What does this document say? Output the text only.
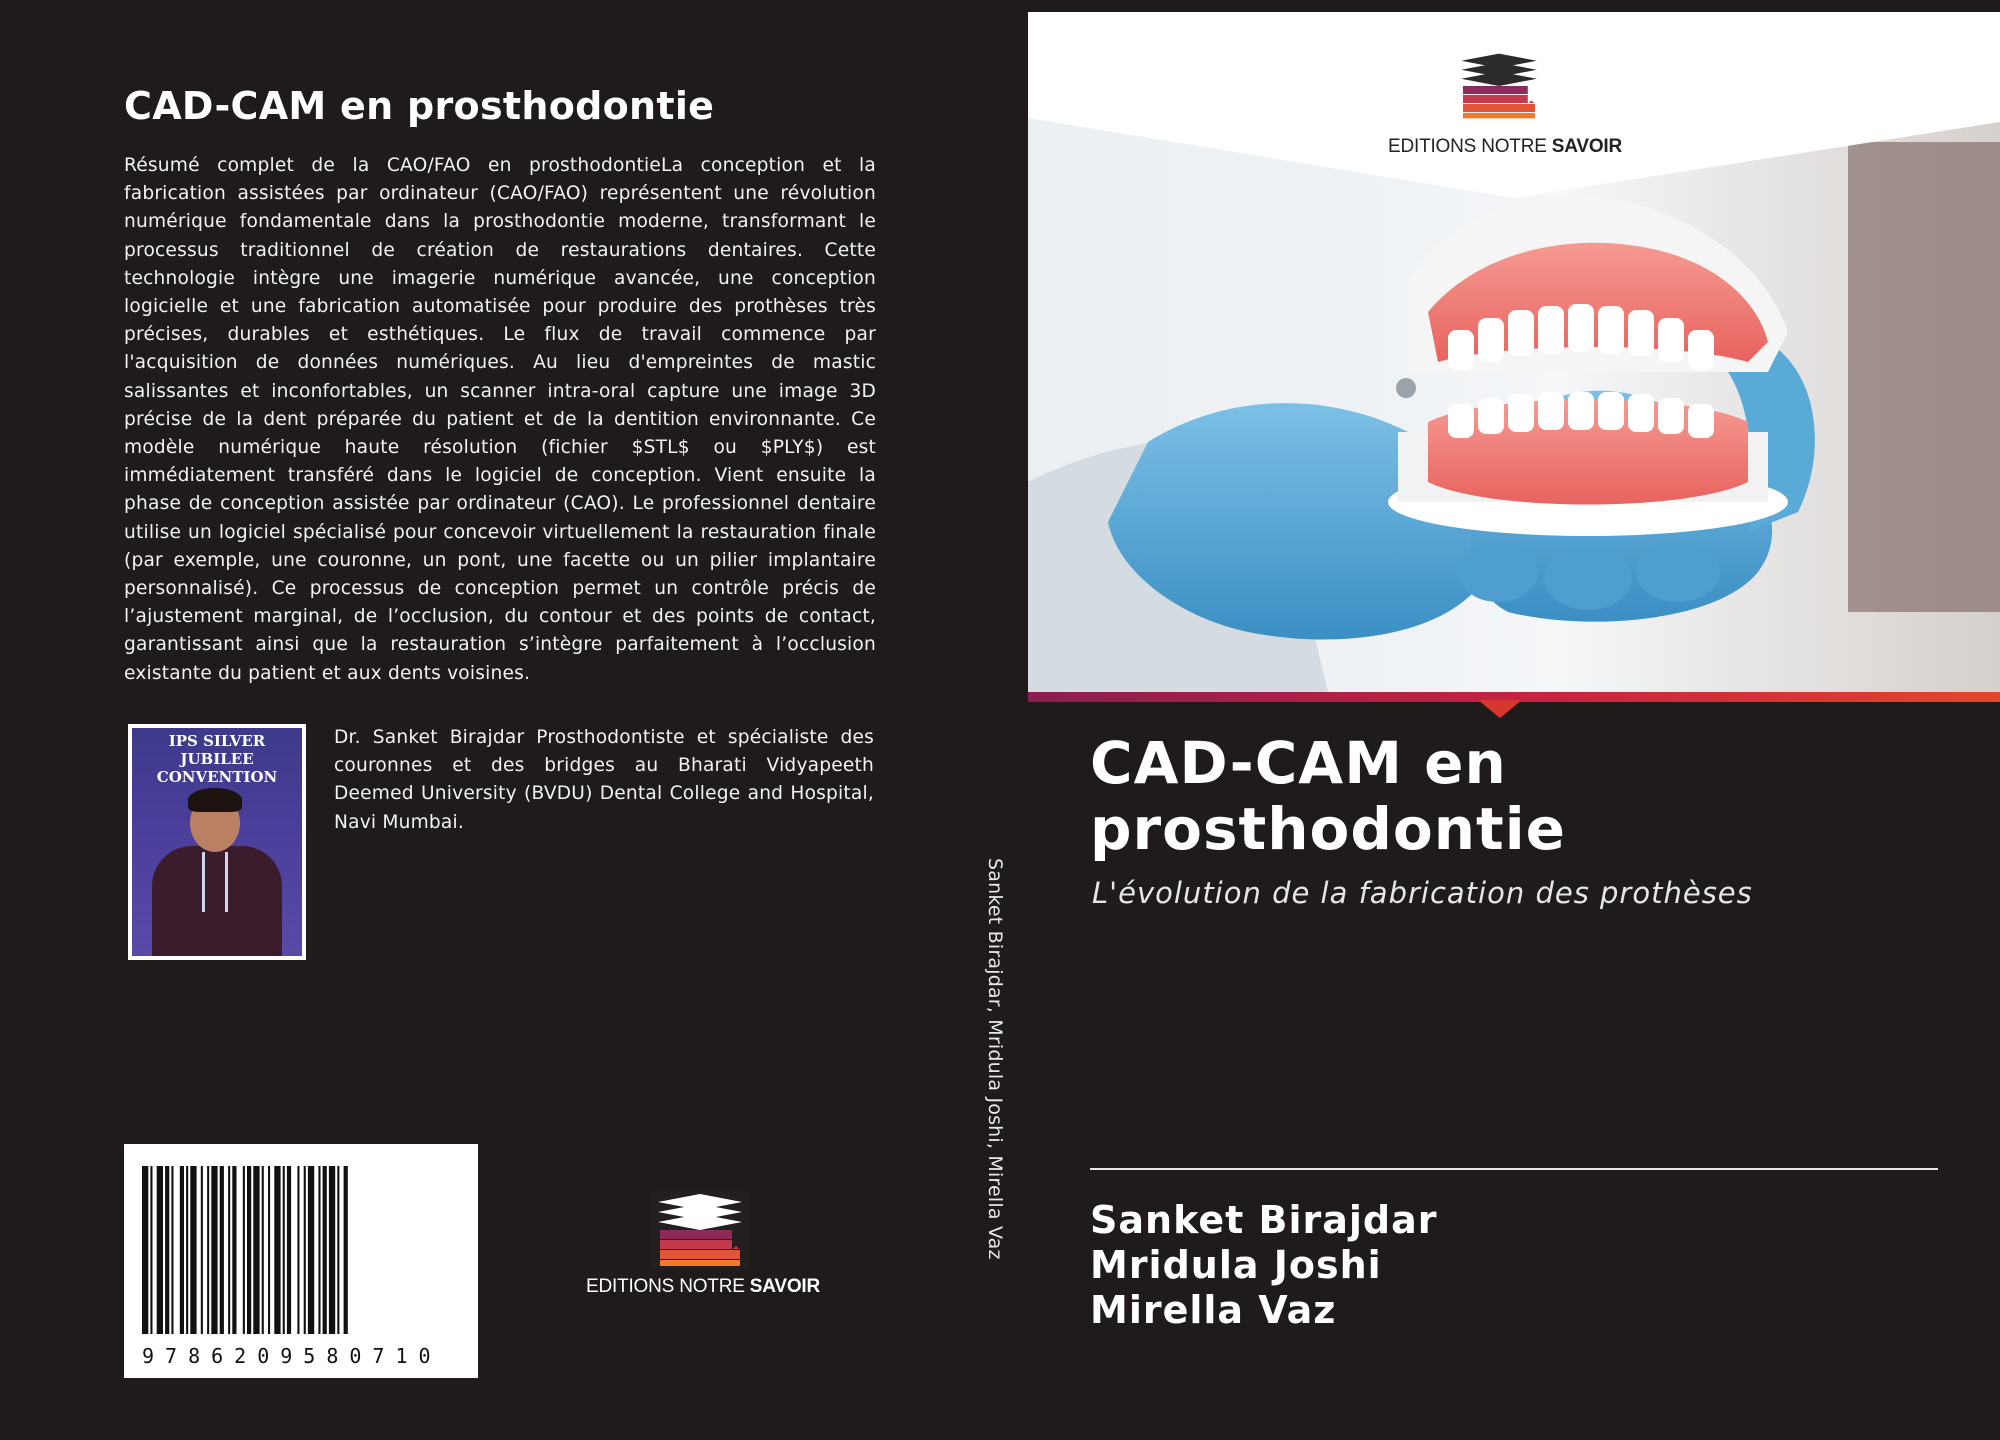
CAD-CAM en prosthodontie
Résumé complet de la CAO/FAO en prosthodontieLa conception et la fabrication assistées par ordinateur (CAO/FAO) représentent une révolution numérique fondamentale dans la prosthodontie moderne, transformant le processus traditionnel de création de restaurations dentaires. Cette technologie intègre une imagerie numérique avancée, une conception logicielle et une fabrication automatisée pour produire des prothèses très précises, durables et esthétiques. Le flux de travail commence par l'acquisition de données numériques. Au lieu d'empreintes de mastic salissantes et inconfortables, un scanner intra-oral capture une image 3D précise de la dent préparée du patient et de la dentition environnante. Ce modèle numérique haute résolution (fichier $STL$ ou $PLY$) est immédiatement transféré dans le logiciel de conception. Vient ensuite la phase de conception assistée par ordinateur (CAO). Le professionnel dentaire utilise un logiciel spécialisé pour concevoir virtuellement la restauration finale (par exemple, une couronne, un pont, une facette ou un pilier implantaire personnalisé). Ce processus de conception permet un contrôle précis de l’ajustement marginal, de l’occlusion, du contour et des points de contact, garantissant ainsi que la restauration s’intègre parfaitement à l’occlusion existante du patient et aux dents voisines.
IPS SILVER JUBILEE CONVENTION
Dr. Sanket Birajdar Prosthodontiste et spécialiste des couronnes et des bridges au Bharati Vidyapeeth Deemed University (BVDU) Dental College and Hospital, Navi Mumbai.
9786209580710
EDITIONS NOTRE SAVOIR
Sanket Birajdar, Mridula Joshi, Mirella Vaz
EDITIONS NOTRE SAVOIR
CAD-CAM en prosthodontie
L'évolution de la fabrication des prothèses
Sanket Birajdar
Mridula Joshi
Mirella Vaz
